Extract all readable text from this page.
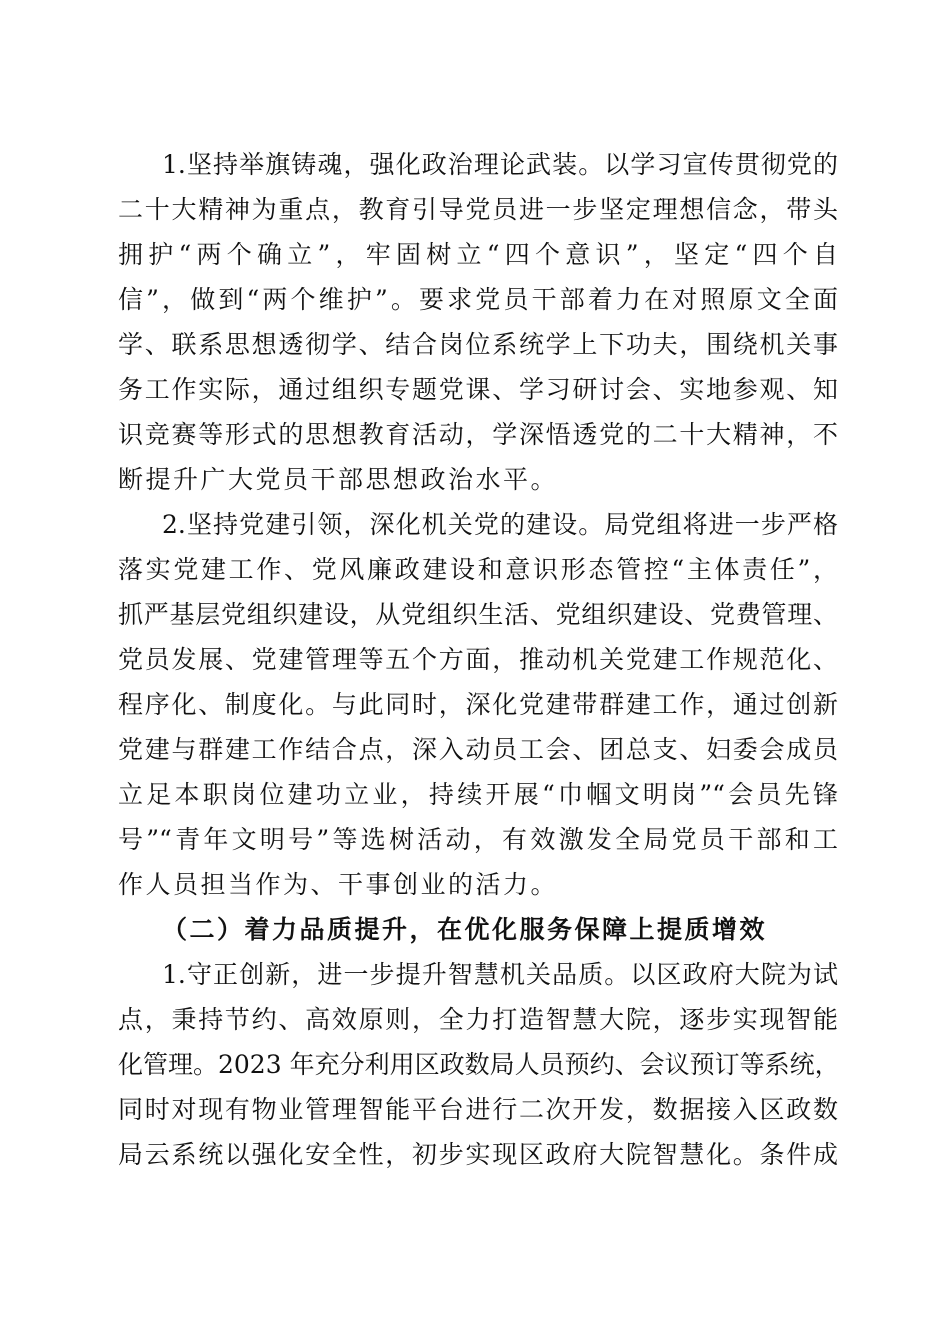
1.坚持举旗铸魂，强化政治理论武装。以学习宣传贯彻党的
二十大精神为重点，教育引导党员进一步坚定理想信念，带头
拥护“两个确立”，牢固树立“四个意识”，坚定“四个自
信”，做到“两个维护”。要求党员干部着力在对照原文全面
学、联系思想透彻学、结合岗位系统学上下功夫，围绕机关事
务工作实际，通过组织专题党课、学习研讨会、实地参观、知
识竞赛等形式的思想教育活动，学深悟透党的二十大精神，不
断提升广大党员干部思想政治水平。
2.坚持党建引领，深化机关党的建设。局党组将进一步严格
落实党建工作、党风廉政建设和意识形态管控“主体责任”，
抓严基层党组织建设，从党组织生活、党组织建设、党费管理、
党员发展、党建管理等五个方面，推动机关党建工作规范化、
程序化、制度化。与此同时，深化党建带群建工作，通过创新
党建与群建工作结合点，深入动员工会、团总支、妇委会成员
立足本职岗位建功立业，持续开展“巾帼文明岗”“会员先锋
号”“青年文明号”等选树活动，有效激发全局党员干部和工
作人员担当作为、干事创业的活力。
（二）着力品质提升，在优化服务保障上提质增效
1.守正创新，进一步提升智慧机关品质。以区政府大院为试
点，秉持节约、高效原则，全力打造智慧大院，逐步实现智能
化管理。2023 年充分利用区政数局人员预约、会议预订等系统，
同时对现有物业管理智能平台进行二次开发，数据接入区政数
局云系统以强化安全性，初步实现区政府大院智慧化。条件成
